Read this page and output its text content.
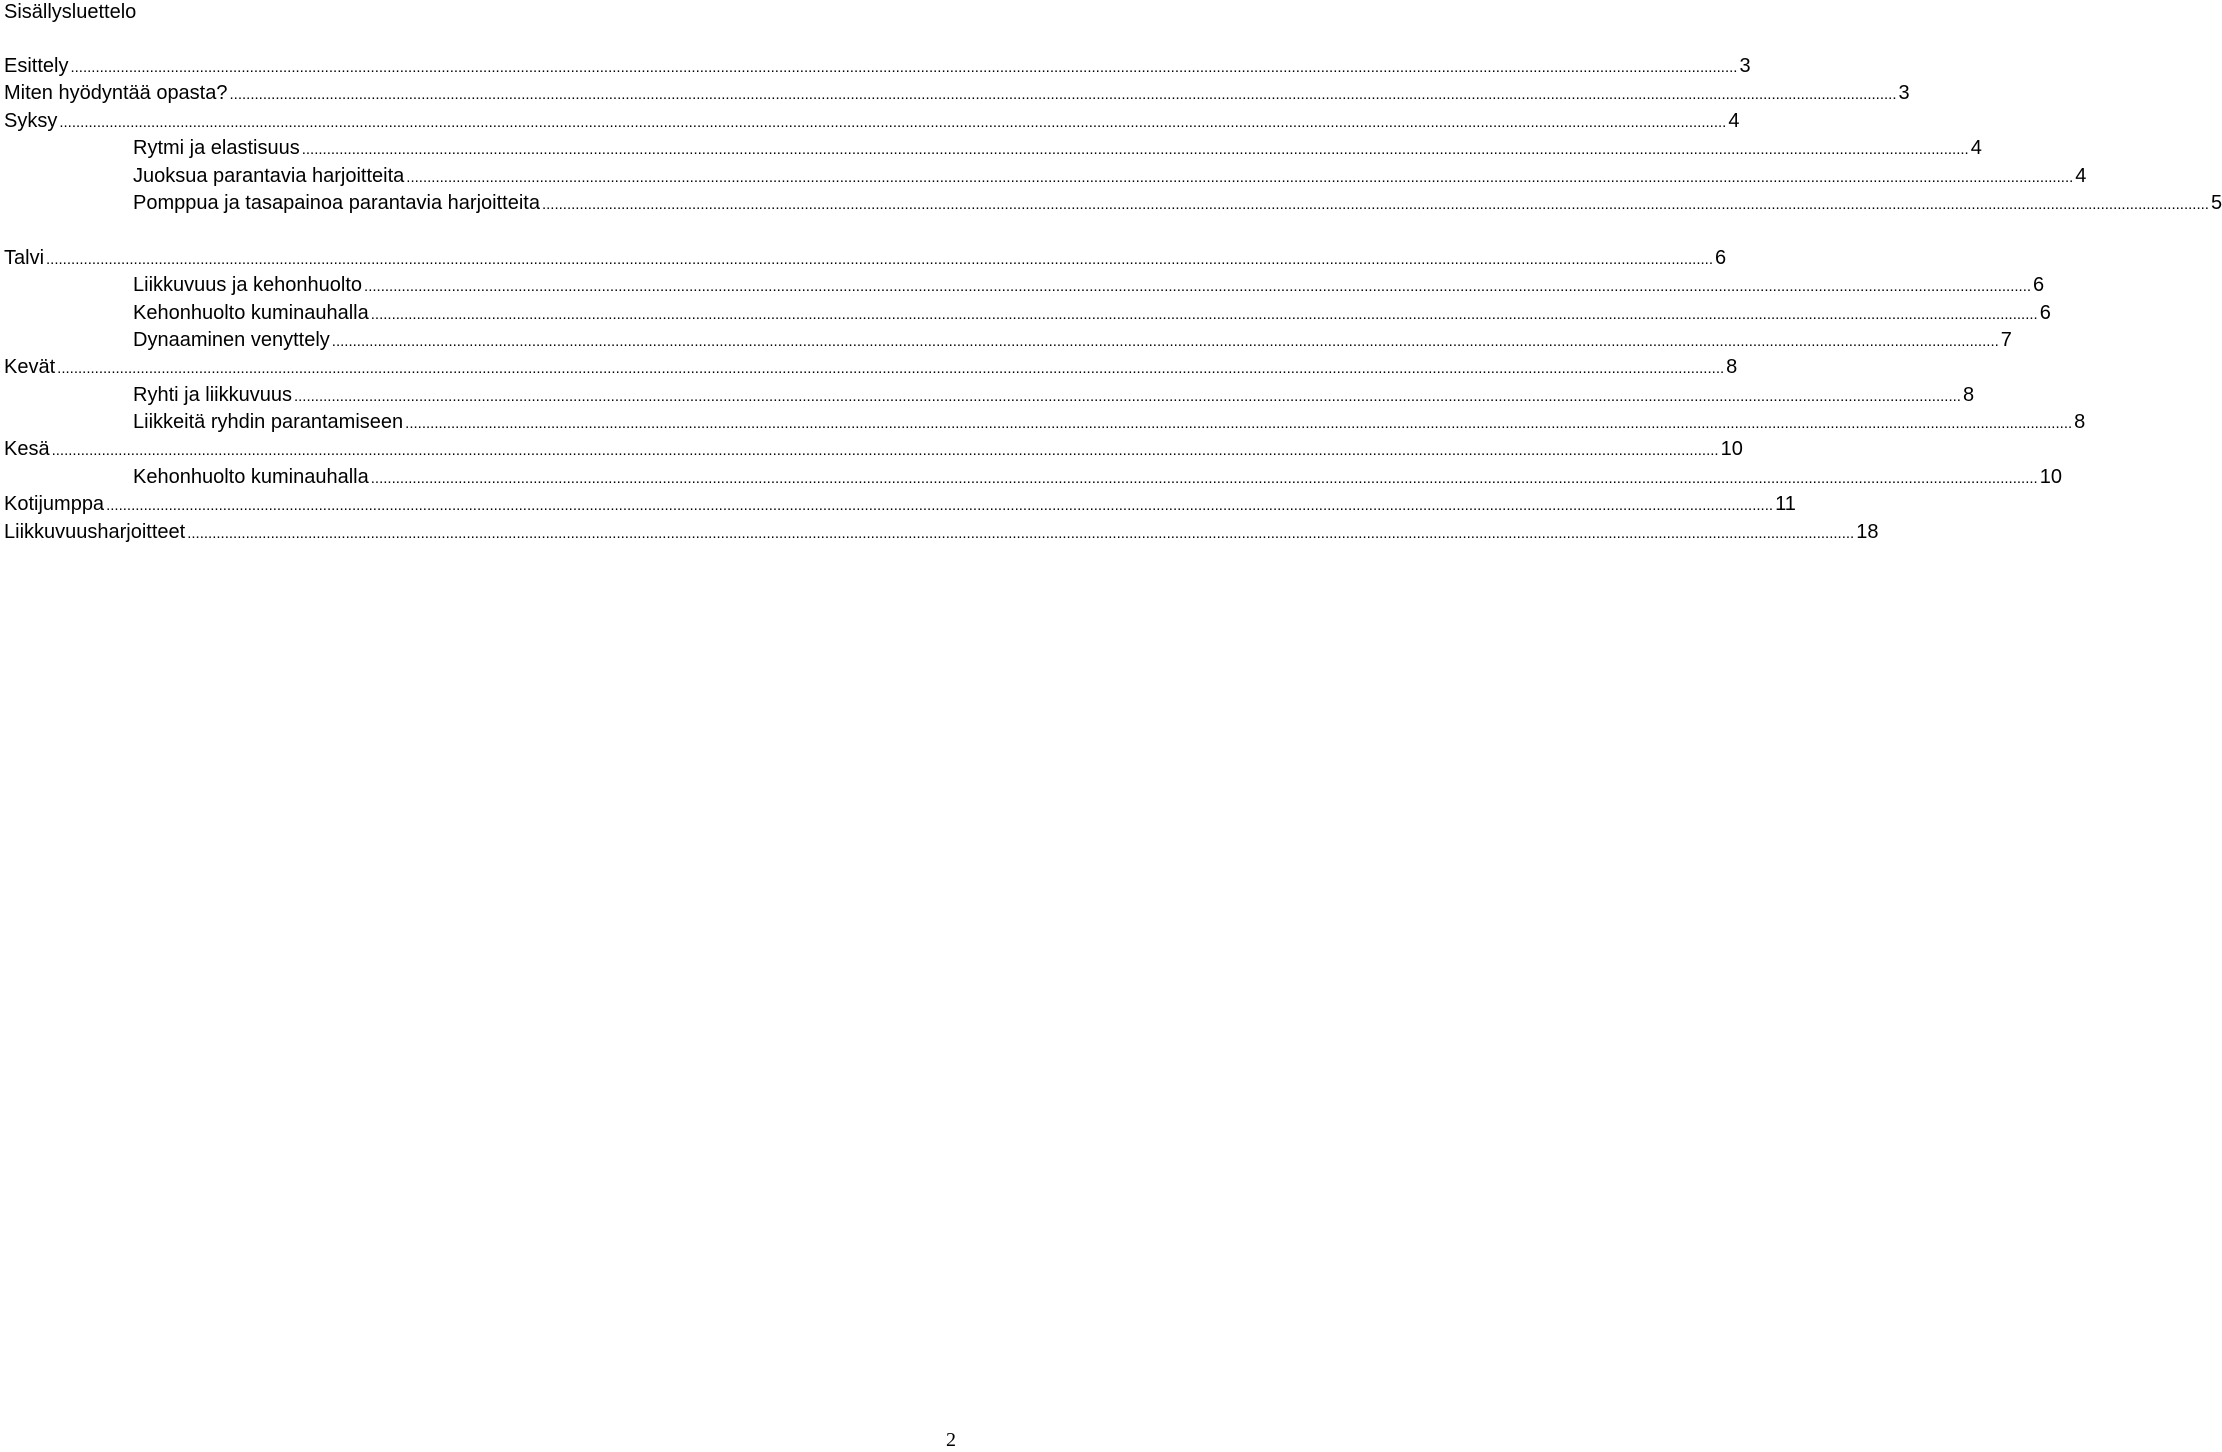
Sisällysluettelo
Esittely ................................................................................................................................................................................................................................................................................................................................................................................................................ 3
Miten hyödyntää opasta? ................................................................................................................................................................................................................................................................................................................................................................................................................ 3
Syksy ................................................................................................................................................................................................................................................................................................................................................................................................................ 4
Rytmi ja elastisuus ................................................................................................................................................................................................................................................................................................................................................................................................................ 4
Juoksua parantavia harjoitteita ................................................................................................................................................................................................................................................................................................................................................................................................................ 4
Pomppua ja tasapainoa parantavia harjoitteita ................................................................................................................................................................................................................................................................................................................................................................................................................ 5
Talvi ................................................................................................................................................................................................................................................................................................................................................................................................................ 6
Liikkuvuus ja kehonhuolto ................................................................................................................................................................................................................................................................................................................................................................................................................ 6
Kehonhuolto kuminauhalla ................................................................................................................................................................................................................................................................................................................................................................................................................ 6
Dynaaminen venyttely ................................................................................................................................................................................................................................................................................................................................................................................................................ 7
Kevät ................................................................................................................................................................................................................................................................................................................................................................................................................ 8
Ryhti ja liikkuvuus ................................................................................................................................................................................................................................................................................................................................................................................................................ 8
Liikkeitä ryhdin parantamiseen ................................................................................................................................................................................................................................................................................................................................................................................................................ 8
Kesä ................................................................................................................................................................................................................................................................................................................................................................................................................ 10
Kehonhuolto kuminauhalla ................................................................................................................................................................................................................................................................................................................................................................................................................ 10
Kotijumppa ................................................................................................................................................................................................................................................................................................................................................................................................................ 11
Liikkuvuusharjoitteet ................................................................................................................................................................................................................................................................................................................................................................................................................ 18
2
